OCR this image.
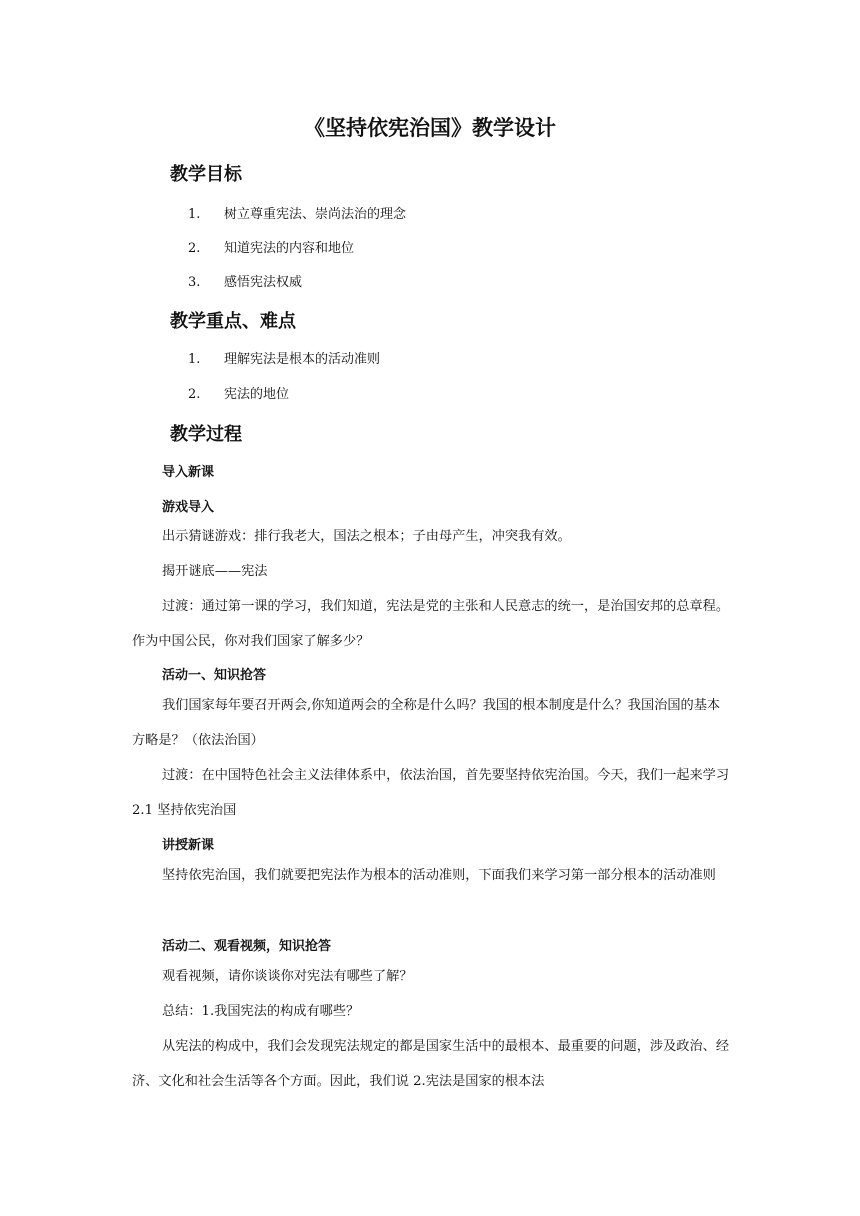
《坚持依宪治国》教学设计
教学目标

1. 树立尊重宪法、崇尚法治的理念

2. 知道宪法的内容和地位

3. 感悟宪法权威

教学重点、难点

1. 理解宪法是根本的活动准则

2. 宪法的地位

教学过程

导入新课

游戏导入

出示猜谜游戏：排行我老大，国法之根本；子由母产生，冲突我有效。

揭开谜底——宪法

过渡：通过第一课的学习，我们知道，宪法是党的主张和人民意志的统一，是治国安邦的总章程。作为中国公民，你对我们国家了解多少？

活动一、知识抢答

我们国家每年要召开两会,你知道两会的全称是什么吗？我国的根本制度是什么？我国治国的基本方略是？（依法治国）

过渡：在中国特色社会主义法律体系中，依法治国，首先要坚持依宪治国。今天，我们一起来学习 2.1 坚持依宪治国

讲授新课

坚持依宪治国，我们就要把宪法作为根本的活动准则，下面我们来学习第一部分根本的活动准则

活动二、观看视频，知识抢答

观看视频，请你谈谈你对宪法有哪些了解？

总结：1.我国宪法的构成有哪些？

从宪法的构成中，我们会发现宪法规定的都是国家生活中的最根本、最重要的问题，涉及政治、经济、文化和社会生活等各个方面。因此，我们说 2.宪法是国家的根本法
